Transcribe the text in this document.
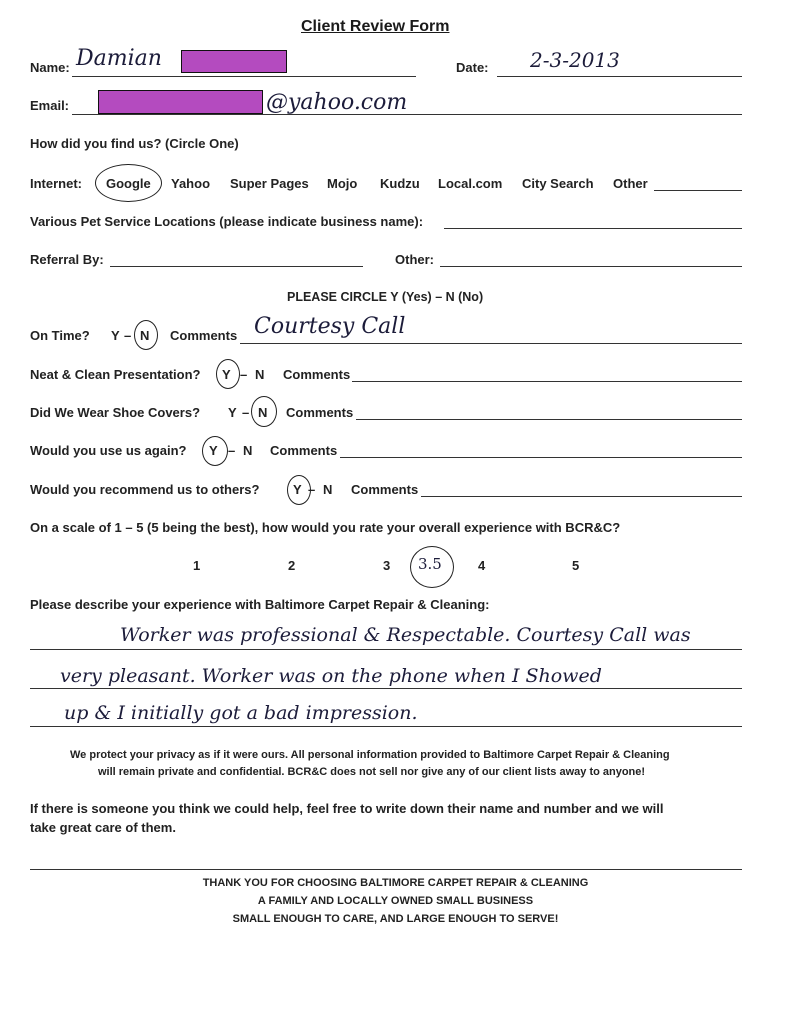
Client Review Form
Name: Damian	Date: 2-3-2013
Email:	@yahoo.com
How did you find us? (Circle One)
Internet: Google Yahoo Super Pages Mojo Kudzu Local.com City Search Other
Various Pet Service Locations (please indicate business name):
Referral By:	Other:
PLEASE CIRCLE Y (Yes) – N (No)
On Time? Y – N Comments Courtesy Call
Neat & Clean Presentation? Y – N Comments
Did We Wear Shoe Covers? Y – N Comments
Would you use us again? Y – N Comments
Would you recommend us to others?	Y – N Comments
On a scale of 1 – 5 (5 being the best), how would you rate your overall experience with BCR&C?
1	2	3 3.5	4	5
Please describe your experience with Baltimore Carpet Repair & Cleaning:
Worker was professional & Respectable. Courtesy Call was
very pleasant. Worker was on the phone when I Showed
up & I initially got a bad impression.
We protect your privacy as if it were ours. All personal information provided to Baltimore Carpet Repair & Cleaning
will remain private and confidential. BCR&C does not sell nor give any of our client lists away to anyone!
If there is someone you think we could help, feel free to write down their name and number and we will
take great care of them.
THANK YOU FOR CHOOSING BALTIMORE CARPET REPAIR & CLEANING
A FAMILY AND LOCALLY OWNED SMALL BUSINESS
SMALL ENOUGH TO CARE, AND LARGE ENOUGH TO SERVE!
